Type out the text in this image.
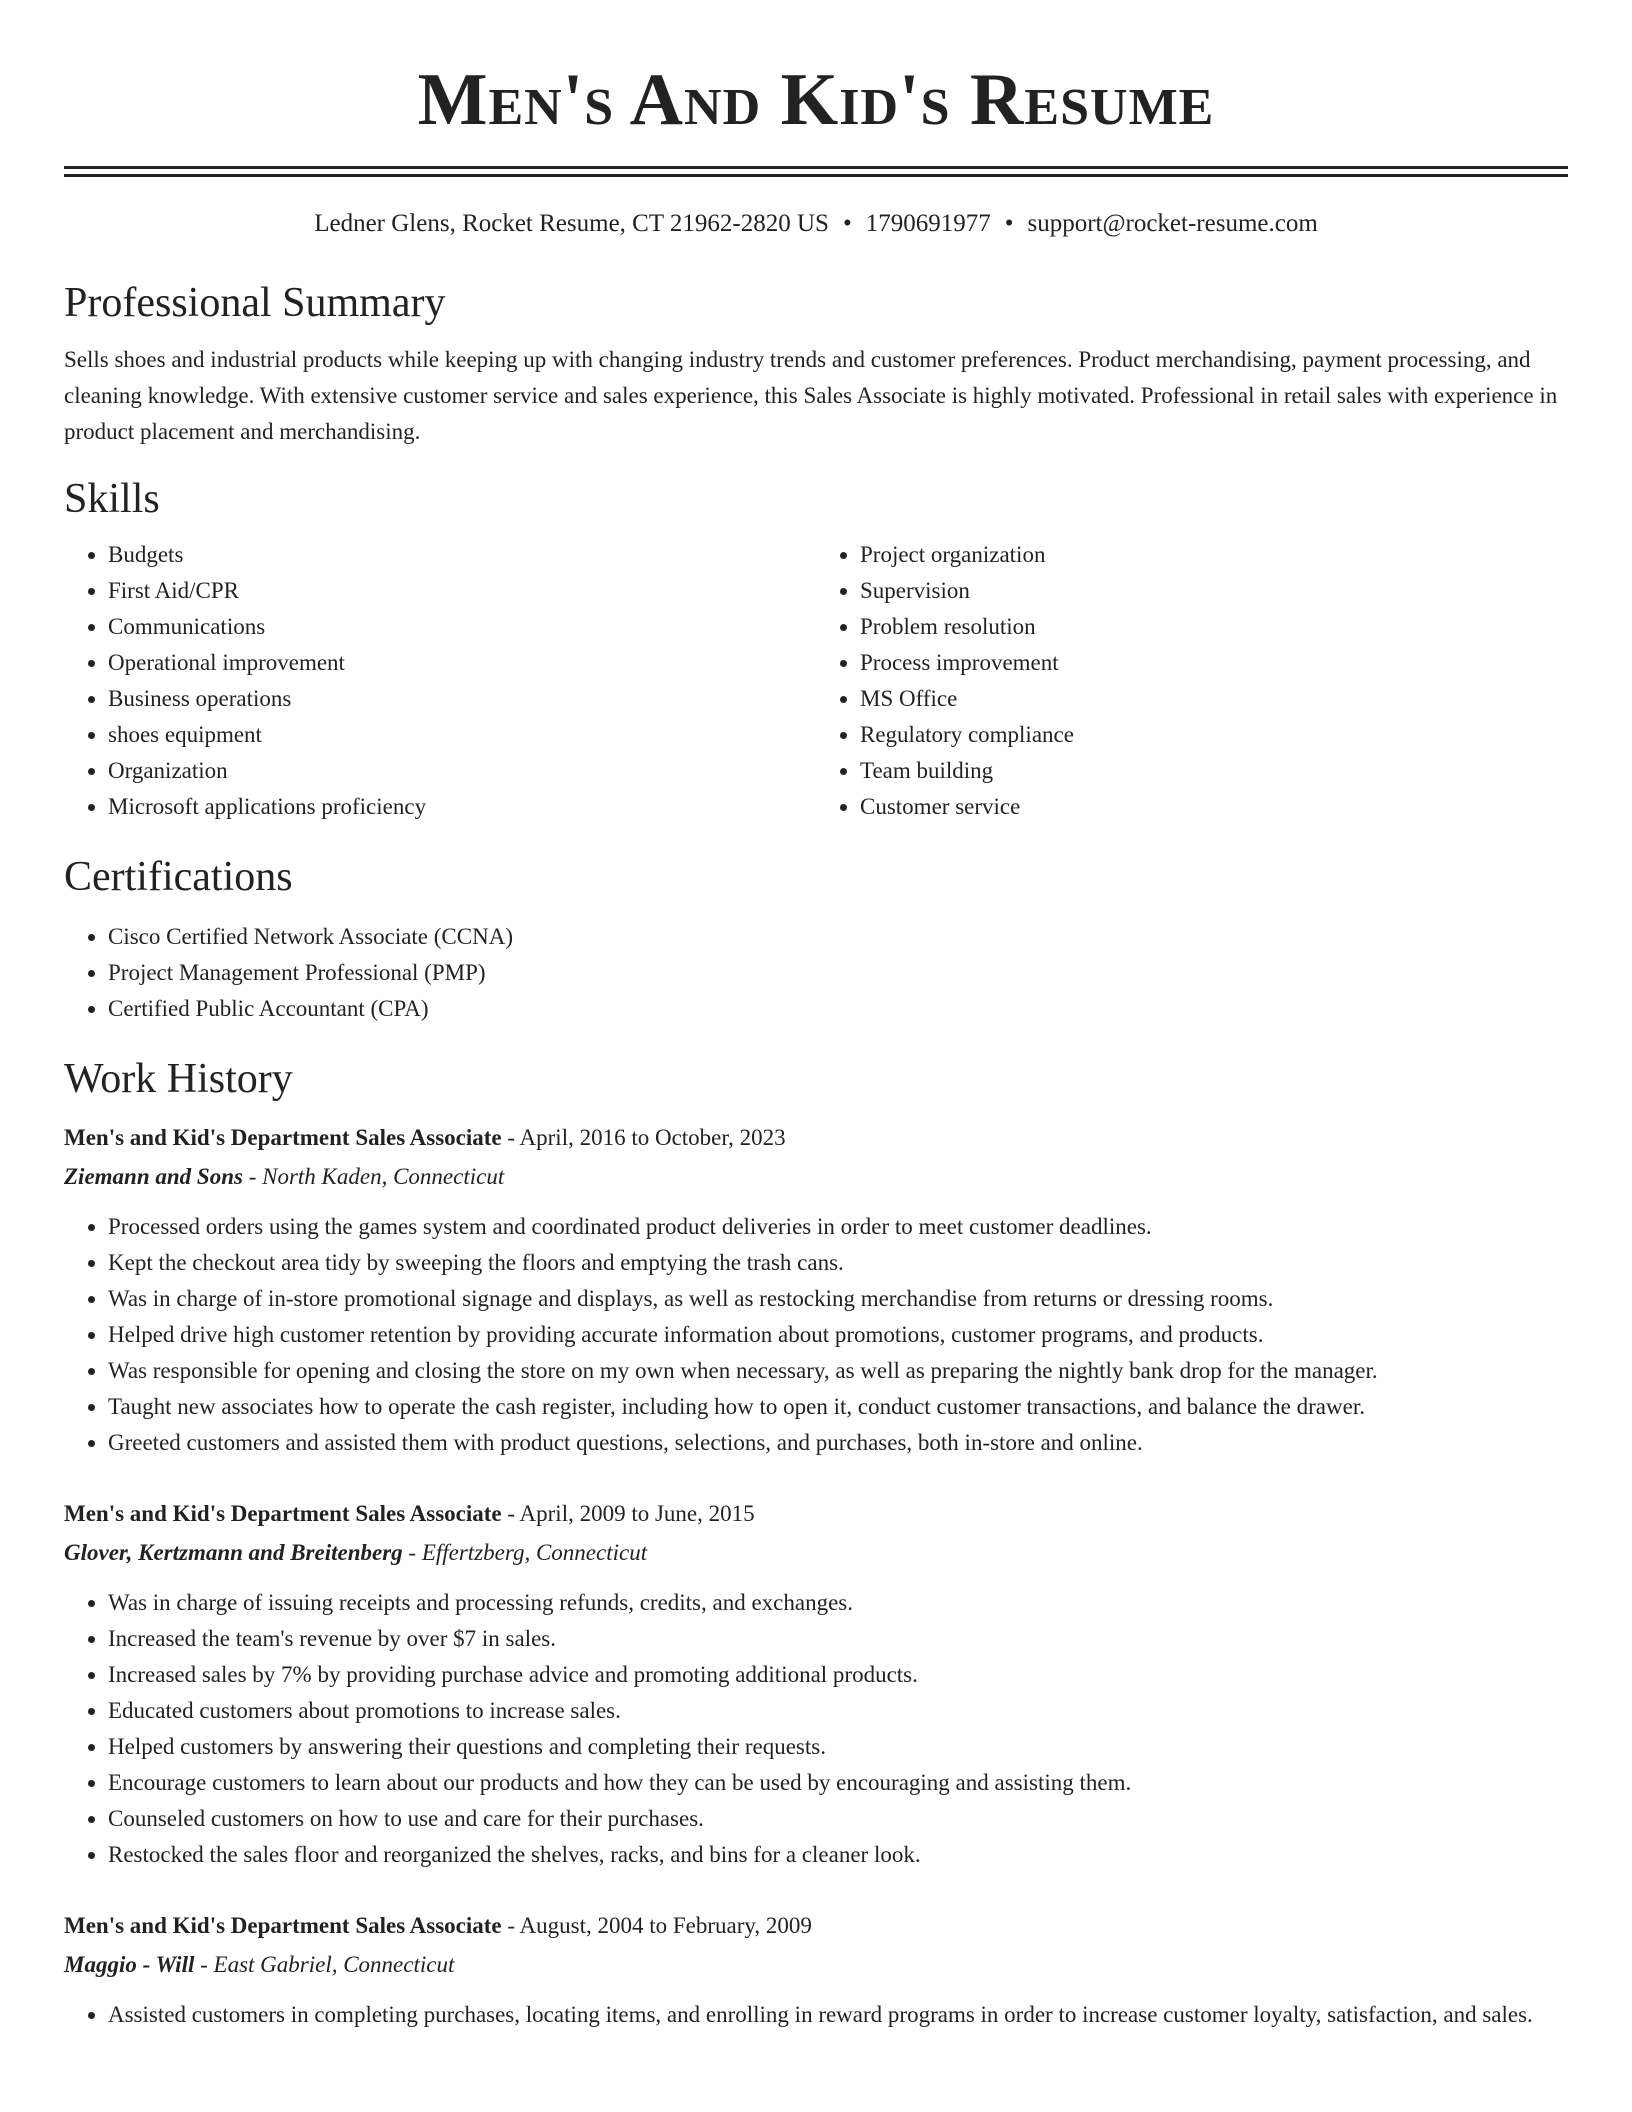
Men's And Kid's Resume
Ledner Glens, Rocket Resume, CT 21962-2820 US • 1790691977 • support@rocket-resume.com
Professional Summary

Sells shoes and industrial products while keeping up with changing industry trends and customer preferences. Product merchandising, payment processing, and cleaning knowledge. With extensive customer service and sales experience, this Sales Associate is highly motivated. Professional in retail sales with experience in product placement and merchandising.

Skills
• Budgets
• First Aid/CPR
• Communications
• Operational improvement
• Business operations
• shoes equipment
• Organization
• Microsoft applications proficiency
• Project organization
• Supervision
• Problem resolution
• Process improvement
• MS Office
• Regulatory compliance
• Team building
• Customer service
Certifications
• Cisco Certified Network Associate (CCNA)
• Project Management Professional (PMP)
• Certified Public Accountant (CPA)
Work History
Men's and Kid's Department Sales Associate - April, 2016 to October, 2023
Ziemann and Sons - North Kaden, Connecticut
• Processed orders using the games system and coordinated product deliveries in order to meet customer deadlines.
• Kept the checkout area tidy by sweeping the floors and emptying the trash cans.
• Was in charge of in-store promotional signage and displays, as well as restocking merchandise from returns or dressing rooms.
• Helped drive high customer retention by providing accurate information about promotions, customer programs, and products.
• Was responsible for opening and closing the store on my own when necessary, as well as preparing the nightly bank drop for the manager.
• Taught new associates how to operate the cash register, including how to open it, conduct customer transactions, and balance the drawer.
• Greeted customers and assisted them with product questions, selections, and purchases, both in-store and online.
Men's and Kid's Department Sales Associate - April, 2009 to June, 2015
Glover, Kertzmann and Breitenberg - Effertzberg, Connecticut
• Was in charge of issuing receipts and processing refunds, credits, and exchanges.
• Increased the team's revenue by over $7 in sales.
• Increased sales by 7% by providing purchase advice and promoting additional products.
• Educated customers about promotions to increase sales.
• Helped customers by answering their questions and completing their requests.
• Encourage customers to learn about our products and how they can be used by encouraging and assisting them.
• Counseled customers on how to use and care for their purchases.
• Restocked the sales floor and reorganized the shelves, racks, and bins for a cleaner look.
Men's and Kid's Department Sales Associate - August, 2004 to February, 2009
Maggio - Will - East Gabriel, Connecticut
• Assisted customers in completing purchases, locating items, and enrolling in reward programs in order to increase customer loyalty, satisfaction, and sales.
